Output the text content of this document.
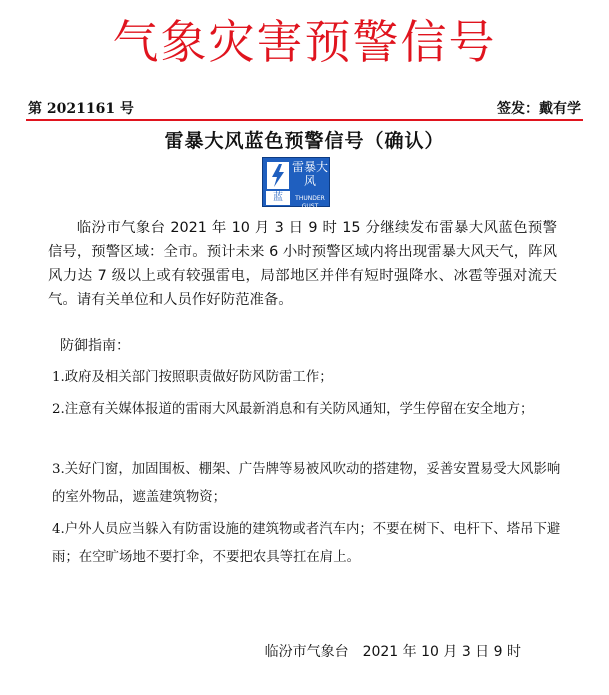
气象灾害预警信号
第 2021161 号	签发：戴有学
雷暴大风蓝色预警信号（确认）
雷暴大风
蓝	THUNDER GUST
临汾市气象台 2021 年 10 月 3 日 9 时 15 分继续发布雷暴大风蓝色预警信号，预警区域：全市。预计未来 6 小时预警区域内将出现雷暴大风天气，阵风风力达 7 级以上或有较强雷电，局部地区并伴有短时强降水、冰雹等强对流天气。请有关单位和人员作好防范准备。
防御指南：
1.政府及相关部门按照职责做好防风防雷工作；
2.注意有关媒体报道的雷雨大风最新消息和有关防风通知，学生停留在安全地方；
3.关好门窗，加固围板、棚架、广告牌等易被风吹动的搭建物，妥善安置易受大风影响的室外物品，遮盖建筑物资；
4.户外人员应当躲入有防雷设施的建筑物或者汽车内；不要在树下、电杆下、塔吊下避雨；在空旷场地不要打伞，不要把农具等扛在肩上。
临汾市气象台　2021 年 10 月 3 日 9 时
